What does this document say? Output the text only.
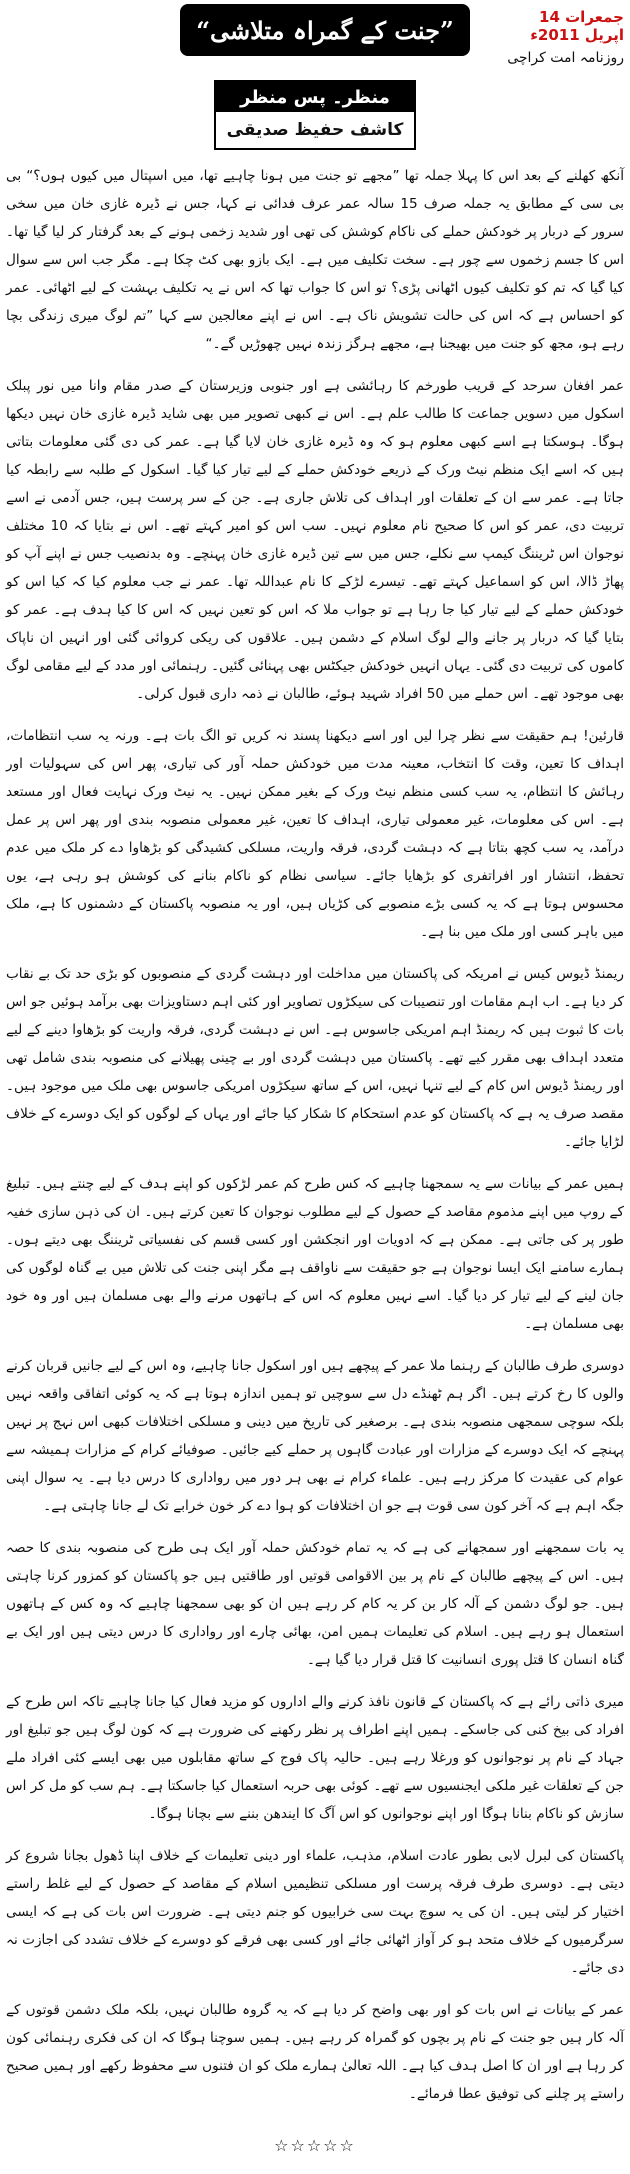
”جنت کے گمراہ متلاشی“	جمعرات 14 اپریل 2011ء
روزنامہ امت کراچی
منظر۔ پس منظر
کاشف حفیظ صدیقی

آنکھ کھلنے کے بعد اس کا پہلا جملہ تھا ”مجھے تو جنت میں ہونا چاہیے تھا، میں اسپتال میں کیوں ہوں؟“ بی بی سی کے مطابق یہ جملہ صرف 15 سالہ عمر عرف فدائی نے کہا، جس نے ڈیرہ غازی خان میں سخی سرور کے دربار پر خودکش حملے کی ناکام کوشش کی تھی اور شدید زخمی ہونے کے بعد گرفتار کر لیا گیا تھا۔ اس کا جسم زخموں سے چور ہے۔ سخت تکلیف میں ہے۔ ایک بازو بھی کٹ چکا ہے۔ مگر جب اس سے سوال کیا گیا کہ تم کو تکلیف کیوں اٹھانی پڑی؟ تو اس کا جواب تھا کہ اس نے یہ تکلیف بہشت کے لیے اٹھائی۔ عمر کو احساس ہے کہ اس کی حالت تشویش ناک ہے۔ اس نے اپنے معالجین سے کہا ”تم لوگ میری زندگی بچا رہے ہو، مجھ کو جنت میں بھیجنا ہے، مجھے ہرگز زندہ نہیں چھوڑیں گے۔“

عمر افغان سرحد کے قریب طورخم کا رہائشی ہے اور جنوبی وزیرستان کے صدر مقام وانا میں نور پبلک اسکول میں دسویں جماعت کا طالب علم ہے۔ اس نے کبھی تصویر میں بھی شاید ڈیرہ غازی خان نہیں دیکھا ہوگا۔ ہوسکتا ہے اسے کبھی معلوم ہو کہ وہ ڈیرہ غازی خان لایا گیا ہے۔ عمر کی دی گئی معلومات بتاتی ہیں کہ اسے ایک منظم نیٹ ورک کے ذریعے خودکش حملے کے لیے تیار کیا گیا۔ اسکول کے طلبہ سے رابطہ کیا جاتا ہے۔ عمر سے ان کے تعلقات اور اہداف کی تلاش جاری ہے۔ جن کے سر پرست ہیں، جس آدمی نے اسے تربیت دی، عمر کو اس کا صحیح نام معلوم نہیں۔ سب اس کو امیر کہتے تھے۔ اس نے بتایا کہ 10 مختلف نوجوان اس ٹریننگ کیمپ سے نکلے، جس میں سے تین ڈیرہ غازی خان پہنچے۔ وہ بدنصیب جس نے اپنے آپ کو پھاڑ ڈالا، اس کو اسماعیل کہتے تھے۔ تیسرے لڑکے کا نام عبداللہ تھا۔ عمر نے جب معلوم کیا کہ کیا اس کو خودکش حملے کے لیے تیار کیا جا رہا ہے تو جواب ملا کہ اس کو تعین نہیں کہ اس کا کیا ہدف ہے۔ عمر کو بتایا گیا کہ دربار پر جانے والے لوگ اسلام کے دشمن ہیں۔ علاقوں کی ریکی کروائی گئی اور انہیں ان ناپاک کاموں کی تربیت دی گئی۔ یہاں انہیں خودکش جیکٹس بھی پہنائی گئیں۔ رہنمائی اور مدد کے لیے مقامی لوگ بھی موجود تھے۔ اس حملے میں 50 افراد شہید ہوئے، طالبان نے ذمہ داری قبول کرلی۔

قارئین! ہم حقیقت سے نظر چرا لیں اور اسے دیکھنا پسند نہ کریں تو الگ بات ہے۔ ورنہ یہ سب انتظامات، اہداف کا تعین، وقت کا انتخاب، معینہ مدت میں خودکش حملہ آور کی تیاری، پھر اس کی سہولیات اور رہائش کا انتظام، یہ سب کسی منظم نیٹ ورک کے بغیر ممکن نہیں۔ یہ نیٹ ورک نہایت فعال اور مستعد ہے۔ اس کی معلومات، غیر معمولی تیاری، اہداف کا تعین، غیر معمولی منصوبہ بندی اور پھر اس پر عمل درآمد، یہ سب کچھ بتاتا ہے کہ دہشت گردی، فرقہ واریت، مسلکی کشیدگی کو بڑھاوا دے کر ملک میں عدم تحفظ، انتشار اور افراتفری کو بڑھایا جائے۔ سیاسی نظام کو ناکام بنانے کی کوشش ہو رہی ہے، یوں محسوس ہوتا ہے کہ یہ کسی بڑے منصوبے کی کڑیاں ہیں، اور یہ منصوبہ پاکستان کے دشمنوں کا ہے، ملک میں باہر کسی اور ملک میں بنا ہے۔

ریمنڈ ڈیوس کیس نے امریکہ کی پاکستان میں مداخلت اور دہشت گردی کے منصوبوں کو بڑی حد تک بے نقاب کر دیا ہے۔ اب اہم مقامات اور تنصیبات کی سیکڑوں تصاویر اور کئی اہم دستاویزات بھی برآمد ہوئیں جو اس بات کا ثبوت ہیں کہ ریمنڈ اہم امریکی جاسوس ہے۔ اس نے دہشت گردی، فرقہ واریت کو بڑھاوا دینے کے لیے متعدد اہداف بھی مقرر کیے تھے۔ پاکستان میں دہشت گردی اور بے چینی پھیلانے کی منصوبہ بندی شامل تھی اور ریمنڈ ڈیوس اس کام کے لیے تنہا نہیں، اس کے ساتھ سیکڑوں امریکی جاسوس بھی ملک میں موجود ہیں۔ مقصد صرف یہ ہے کہ پاکستان کو عدم استحکام کا شکار کیا جائے اور یہاں کے لوگوں کو ایک دوسرے کے خلاف لڑایا جائے۔

ہمیں عمر کے بیانات سے یہ سمجھنا چاہیے کہ کس طرح کم عمر لڑکوں کو اپنے ہدف کے لیے چنتے ہیں۔ تبلیغ کے روپ میں اپنے مذموم مقاصد کے حصول کے لیے مطلوب نوجوان کا تعین کرتے ہیں۔ ان کی ذہن سازی خفیہ طور پر کی جاتی ہے۔ ممکن ہے کہ ادویات اور انجکشن اور کسی قسم کی نفسیاتی ٹریننگ بھی دیتے ہوں۔ ہمارے سامنے ایک ایسا نوجوان ہے جو حقیقت سے ناواقف ہے مگر اپنی جنت کی تلاش میں بے گناہ لوگوں کی جان لینے کے لیے تیار کر دیا گیا۔ اسے نہیں معلوم کہ اس کے ہاتھوں مرنے والے بھی مسلمان ہیں اور وہ خود بھی مسلمان ہے۔

دوسری طرف طالبان کے رہنما ملا عمر کے پیچھے ہیں اور اسکول جانا چاہیے، وہ اس کے لیے جانیں قربان کرنے والوں کا رخ کرتے ہیں۔ اگر ہم ٹھنڈے دل سے سوچیں تو ہمیں اندازہ ہوتا ہے کہ یہ کوئی اتفاقی واقعہ نہیں بلکہ سوچی سمجھی منصوبہ بندی ہے۔ برصغیر کی تاریخ میں دینی و مسلکی اختلافات کبھی اس نہج پر نہیں پہنچے کہ ایک دوسرے کے مزارات اور عبادت گاہوں پر حملے کیے جائیں۔ صوفیائے کرام کے مزارات ہمیشہ سے عوام کی عقیدت کا مرکز رہے ہیں۔ علماء کرام نے بھی ہر دور میں رواداری کا درس دیا ہے۔ یہ سوال اپنی جگہ اہم ہے کہ آخر کون سی قوت ہے جو ان اختلافات کو ہوا دے کر خون خرابے تک لے جانا چاہتی ہے۔

یہ بات سمجھنے اور سمجھانے کی ہے کہ یہ تمام خودکش حملہ آور ایک ہی طرح کی منصوبہ بندی کا حصہ ہیں۔ اس کے پیچھے طالبان کے نام پر بین الاقوامی قوتیں اور طاقتیں ہیں جو پاکستان کو کمزور کرنا چاہتی ہیں۔ جو لوگ دشمن کے آلہ کار بن کر یہ کام کر رہے ہیں ان کو بھی سمجھنا چاہیے کہ وہ کس کے ہاتھوں استعمال ہو رہے ہیں۔ اسلام کی تعلیمات ہمیں امن، بھائی چارے اور رواداری کا درس دیتی ہیں اور ایک بے گناہ انسان کا قتل پوری انسانیت کا قتل قرار دیا گیا ہے۔

میری ذاتی رائے ہے کہ پاکستان کے قانون نافذ کرنے والے اداروں کو مزید فعال کیا جانا چاہیے تاکہ اس طرح کے افراد کی بیخ کنی کی جاسکے۔ ہمیں اپنے اطراف پر نظر رکھنے کی ضرورت ہے کہ کون لوگ ہیں جو تبلیغ اور جہاد کے نام پر نوجوانوں کو ورغلا رہے ہیں۔ حالیہ پاک فوج کے ساتھ مقابلوں میں بھی ایسے کئی افراد ملے جن کے تعلقات غیر ملکی ایجنسیوں سے تھے۔ کوئی بھی حربہ استعمال کیا جاسکتا ہے۔ ہم سب کو مل کر اس سازش کو ناکام بنانا ہوگا اور اپنے نوجوانوں کو اس آگ کا ایندھن بننے سے بچانا ہوگا۔

پاکستان کی لبرل لابی بطور عادت اسلام، مذہب، علماء اور دینی تعلیمات کے خلاف اپنا ڈھول بجانا شروع کر دیتی ہے۔ دوسری طرف فرقہ پرست اور مسلکی تنظیمیں اسلام کے مقاصد کے حصول کے لیے غلط راستے اختیار کر لیتی ہیں۔ ان کی یہ سوچ بہت سی خرابیوں کو جنم دیتی ہے۔ ضرورت اس بات کی ہے کہ ایسی سرگرمیوں کے خلاف متحد ہو کر آواز اٹھائی جائے اور کسی بھی فرقے کو دوسرے کے خلاف تشدد کی اجازت نہ دی جائے۔

عمر کے بیانات نے اس بات کو اور بھی واضح کر دیا ہے کہ یہ گروہ طالبان نہیں، بلکہ ملک دشمن قوتوں کے آلہ کار ہیں جو جنت کے نام پر بچوں کو گمراہ کر رہے ہیں۔ ہمیں سوچنا ہوگا کہ ان کی فکری رہنمائی کون کر رہا ہے اور ان کا اصل ہدف کیا ہے۔ اللہ تعالیٰ ہمارے ملک کو ان فتنوں سے محفوظ رکھے اور ہمیں صحیح راستے پر چلنے کی توفیق عطا فرمائے۔

☆☆☆☆☆
